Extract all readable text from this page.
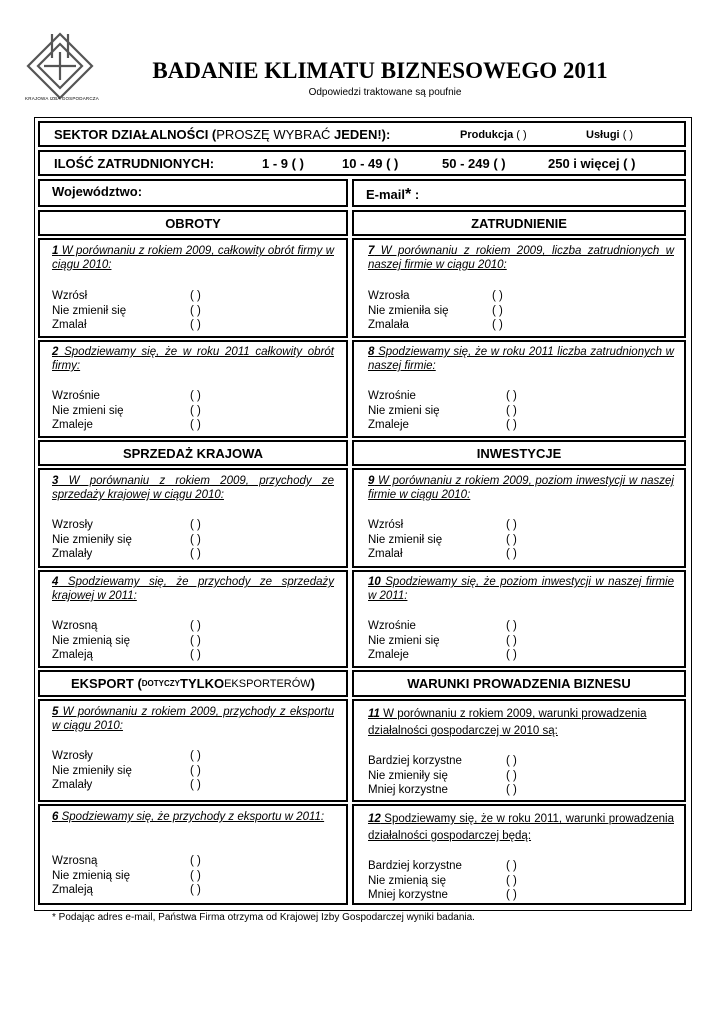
KRAJOWA IZBA GOSPODARCZA
BADANIE KLIMATU BIZNESOWEGO 2011
Odpowiedzi traktowane są poufnie
SEKTOR DZIAŁALNOŚCI (PROSZĘ WYBRAĆ JEDEN!):	Produkcja ( )	Usługi ( )
ILOŚĆ ZATRUDNIONYCH:	1 - 9 ( )	10 - 49 ( )	50 - 249 ( )	250 i więcej ( )
Województwo:	E-mail* :
OBROTY	ZATRUDNIENIE
1 W porównaniu z rokiem 2009, całkowity obrót firmy w ciągu 2010:
Wzrósł	( )
Nie zmienił się	( )
Zmalał	( )
7 W porównaniu z rokiem 2009, liczba zatrudnionych w naszej firmie w ciągu 2010:
Wzrosła	( )
Nie zmieniła się	( )
Zmalała	( )
2 Spodziewamy się, że w roku 2011 całkowity obrót firmy:
Wzrośnie	( )
Nie zmieni się	( )
Zmaleje	( )
8 Spodziewamy się, że w roku 2011 liczba zatrudnionych w naszej firmie:
Wzrośnie	( )
Nie zmieni się	( )
Zmaleje	( )
SPRZEDAŻ KRAJOWA	INWESTYCJE
3 W porównaniu z rokiem 2009, przychody ze sprzedaży krajowej w ciągu 2010:
Wzrosły	( )
Nie zmieniły się	( )
Zmalały	( )
9 W porównaniu z rokiem 2009, poziom inwestycji w naszej firmie w ciągu 2010:
Wzrósł	( )
Nie zmienił się	( )
Zmalał	( )
4 Spodziewamy się, że przychody ze sprzedaży krajowej w 2011:
Wzrosną	( )
Nie zmienią się	( )
Zmaleją	( )
10 Spodziewamy się, że poziom inwestycji w naszej firmie w 2011:
Wzrośnie	( )
Nie zmieni się	( )
Zmaleje	( )
EKSPORT ( DOTYCZY TYLKO EKSPORTERÓW )	WARUNKI PROWADZENIA BIZNESU
5 W porównaniu z rokiem 2009, przychody z eksportu w ciągu 2010:
Wzrosły	( )
Nie zmieniły się	( )
Zmalały	( )
11 W porównaniu z rokiem 2009, warunki prowadzenia działalności gospodarczej w 2010 są:
Bardziej korzystne	( )
Nie zmieniły się	( )
Mniej korzystne	( )
6 Spodziewamy się, że przychody z eksportu w 2011:
Wzrosną	( )
Nie zmienią się	( )
Zmaleją	( )
12 Spodziewamy się, że w roku 2011, warunki prowadzenia działalności gospodarczej będą:
Bardziej korzystne	( )
Nie zmienią się	( )
Mniej korzystne	( )
* Podając adres e-mail, Państwa Firma otrzyma od Krajowej Izby Gospodarczej wyniki badania.
